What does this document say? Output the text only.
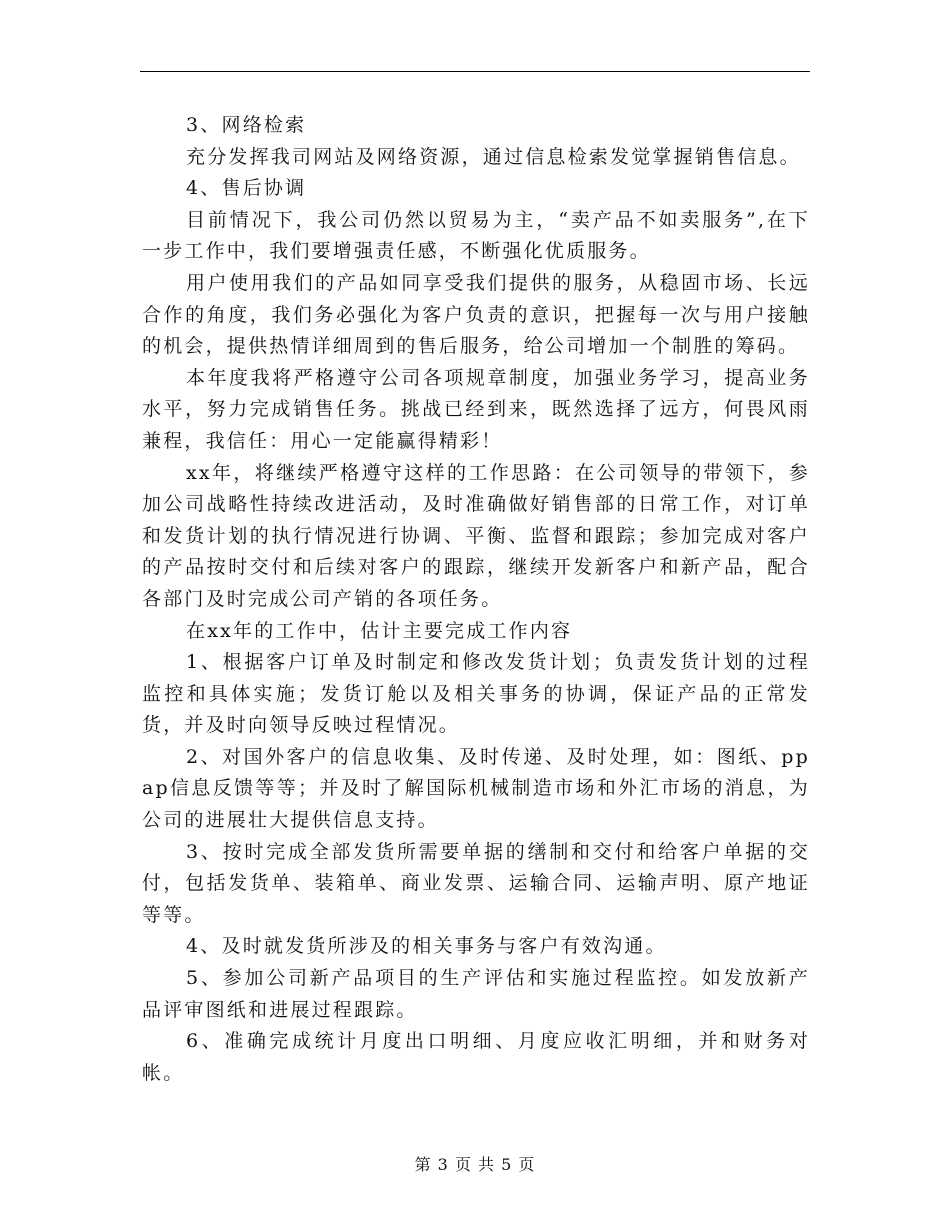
3、网络检索

充分发挥我司网站及网络资源，通过信息检索发觉掌握销售信息。

4、售后协调

目前情况下，我公司仍然以贸易为主，“卖产品不如卖服务”,在下一步工作中，我们要增强责任感，不断强化优质服务。

用户使用我们的产品如同享受我们提供的服务，从稳固市场、长远合作的角度，我们务必强化为客户负责的意识，把握每一次与用户接触的机会，提供热情详细周到的售后服务，给公司增加一个制胜的筹码。

本年度我将严格遵守公司各项规章制度，加强业务学习，提高业务水平，努力完成销售任务。挑战已经到来，既然选择了远方，何畏风雨兼程，我信任：用心一定能赢得精彩！

xx年，将继续严格遵守这样的工作思路：在公司领导的带领下，参加公司战略性持续改进活动，及时准确做好销售部的日常工作，对订单和发货计划的执行情况进行协调、平衡、监督和跟踪；参加完成对客户的产品按时交付和后续对客户的跟踪，继续开发新客户和新产品，配合各部门及时完成公司产销的各项任务。

在xx年的工作中，估计主要完成工作内容

1、根据客户订单及时制定和修改发货计划；负责发货计划的过程监控和具体实施；发货订舱以及相关事务的协调，保证产品的正常发货，并及时向领导反映过程情况。

2、对国外客户的信息收集、及时传递、及时处理，如：图纸、ppap信息反馈等等；并及时了解国际机械制造市场和外汇市场的消息，为公司的进展壮大提供信息支持。

3、按时完成全部发货所需要单据的缮制和交付和给客户单据的交付，包括发货单、装箱单、商业发票、运输合同、运输声明、原产地证等等。

4、及时就发货所涉及的相关事务与客户有效沟通。

5、参加公司新产品项目的生产评估和实施过程监控。如发放新产品评审图纸和进展过程跟踪。

6、准确完成统计月度出口明细、月度应收汇明细，并和财务对帐。

第 3 页 共 5 页
